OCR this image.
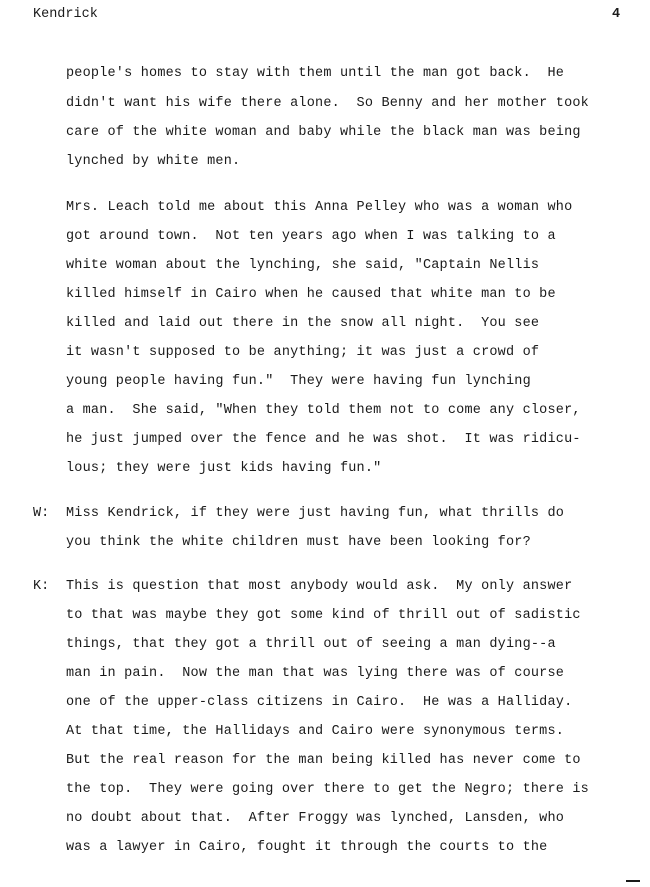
Kendrick	4
people's homes to stay with them until the man got back.  He
didn't want his wife there alone.  So Benny and her mother took
care of the white woman and baby while the black man was being
lynched by white men.
Mrs. Leach told me about this Anna Pelley who was a woman who
got around town.  Not ten years ago when I was talking to a
white woman about the lynching, she said, "Captain Nellis
killed himself in Cairo when he caused that white man to be
killed and laid out there in the snow all night.  You see
it wasn't supposed to be anything; it was just a crowd of
young people having fun."  They were having fun lynching
a man.  She said, "When they told them not to come any closer,
he just jumped over the fence and he was shot.  It was ridicu-
lous; they were just kids having fun."
W: Miss Kendrick, if they were just having fun, what thrills do
you think the white children must have been looking for?
K: This is question that most anybody would ask.  My only answer
to that was maybe they got some kind of thrill out of sadistic
things, that they got a thrill out of seeing a man dying--a
man in pain.  Now the man that was lying there was of course
one of the upper-class citizens in Cairo.  He was a Halliday.
At that time, the Hallidays and Cairo were synonymous terms.
But the real reason for the man being killed has never come to
the top.  They were going over there to get the Negro; there is
no doubt about that.  After Froggy was lynched, Lansden, who
was a lawyer in Cairo, fought it through the courts to the
